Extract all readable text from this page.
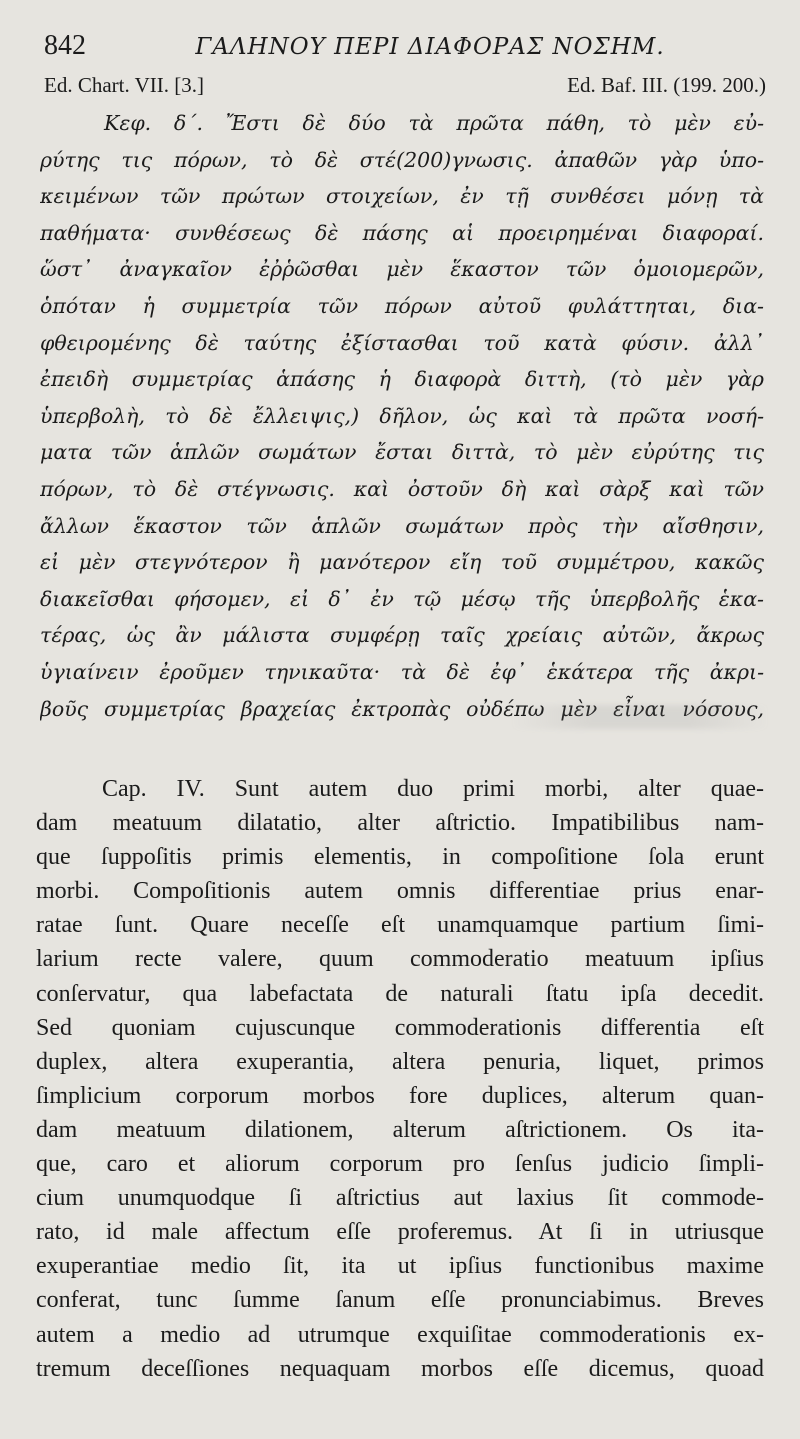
842	ΓΑΛΗΝΟΥ ΠΕΡΙ ΔΙΑΦΟΡΑΣ ΝΟΣΗΜ.
Ed. Chart. VII. [3.]	Ed. Baf. III. (199. 200.)
Κεφ. δ΄. Ἔστι δὲ δύο τὰ πρῶτα πάθη, τὸ μὲν εὐ-
ρύτης τις πόρων, τὸ δὲ στέ(200)γνωσις. ἀπαθῶν γὰρ ὑπο-
κειμένων τῶν πρώτων στοιχείων, ἐν τῇ συνθέσει μόνῃ τὰ
παθήματα· συνθέσεως δὲ πάσης αἱ προειρημέναι διαφοραί.
ὥστ᾽ ἀναγκαῖον ἐῤῥῶσθαι μὲν ἕκαστον τῶν ὁμοιομερῶν,
ὁπόταν ἡ συμμετρία τῶν πόρων αὐτοῦ φυλάττηται, δια-
φθειρομένης δὲ ταύτης ἐξίστασθαι τοῦ κατὰ φύσιν. ἀλλ᾽
ἐπειδὴ συμμετρίας ἁπάσης ἡ διαφορὰ διττὴ, (τὸ μὲν γὰρ
ὑπερβολὴ, τὸ δὲ ἔλλειψις,) δῆλον, ὡς καὶ τὰ πρῶτα νοσή-
ματα τῶν ἁπλῶν σωμάτων ἔσται διττὰ, τὸ μὲν εὐρύτης τις
πόρων, τὸ δὲ στέγνωσις. καὶ ὀστοῦν δὴ καὶ σὰρξ καὶ τῶν
ἄλλων ἕκαστον τῶν ἁπλῶν σωμάτων πρὸς τὴν αἴσθησιν,
εἰ μὲν στεγνότερον ἢ μανότερον εἴη τοῦ συμμέτρου, κακῶς
διακεῖσθαι φήσομεν, εἰ δ᾽ ἐν τῷ μέσῳ τῆς ὑπερβολῆς ἑκα-
τέρας, ὡς ἂν μάλιστα συμφέρῃ ταῖς χρείαις αὐτῶν, ἄκρως
ὑγιαίνειν ἐροῦμεν τηνικαῦτα· τὰ δὲ ἐφ᾽ ἑκάτερα τῆς ἀκρι-
βοῦς συμμετρίας βραχείας ἐκτροπὰς οὐδέπω μὲν εἶναι νόσους,
Cap. IV. Sunt autem duo primi morbi, alter quae-
dam meatuum dilatatio, alter aſtrictio. Impatibilibus nam-
que ſuppoſitis primis elementis, in compoſitione ſola erunt
morbi. Compoſitionis autem omnis differentiae prius enar-
ratae ſunt. Quare neceſſe eſt unamquamque partium ſimi-
larium recte valere, quum commoderatio meatuum ipſius
conſervatur, qua labefactata de naturali ſtatu ipſa decedit.
Sed quoniam cujuscunque commoderationis differentia eſt
duplex, altera exuperantia, altera penuria, liquet, primos
ſimplicium corporum morbos fore duplices, alterum quan-
dam meatuum dilationem, alterum aſtrictionem. Os ita-
que, caro et aliorum corporum pro ſenſus judicio ſimpli-
cium unumquodque ſi aſtrictius aut laxius ſit commode-
rato, id male affectum eſſe proferemus. At ſi in utriusque
exuperantiae medio ſit, ita ut ipſius functionibus maxime
conferat, tunc ſumme ſanum eſſe pronunciabimus. Breves
autem a medio ad utrumque exquiſitae commoderationis ex-
tremum deceſſiones nequaquam morbos eſſe dicemus, quoad
